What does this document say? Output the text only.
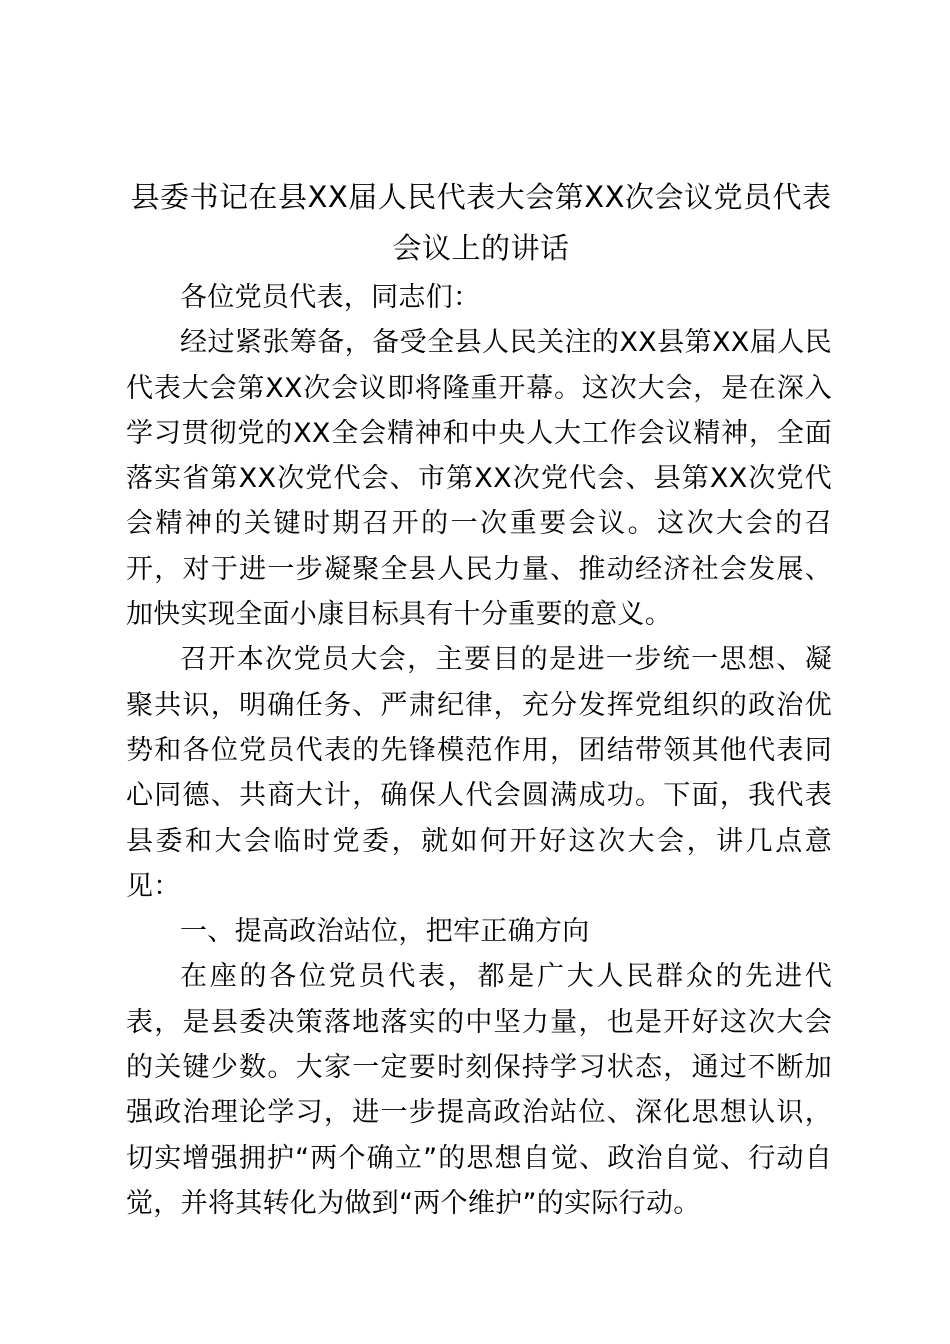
县委书记在县XX届人民代表大会第XX次会议党员代表会议上的讲话

各位党员代表，同志们：

经过紧张筹备，备受全县人民关注的XX县第XX届人民代表大会第XX次会议即将隆重开幕。这次大会，是在深入学习贯彻党的XX全会精神和中央人大工作会议精神，全面落实省第XX次党代会、市第XX次党代会、县第XX次党代会精神的关键时期召开的一次重要会议。这次大会的召开，对于进一步凝聚全县人民力量、推动经济社会发展、加快实现全面小康目标具有十分重要的意义。

召开本次党员大会，主要目的是进一步统一思想、凝聚共识，明确任务、严肃纪律，充分发挥党组织的政治优势和各位党员代表的先锋模范作用，团结带领其他代表同心同德、共商大计，确保人代会圆满成功。下面，我代表县委和大会临时党委，就如何开好这次大会，讲几点意见：

一、提高政治站位，把牢正确方向

在座的各位党员代表，都是广大人民群众的先进代表，是县委决策落地落实的中坚力量，也是开好这次大会的关键少数。大家一定要时刻保持学习状态，通过不断加强政治理论学习，进一步提高政治站位、深化思想认识，切实增强拥护“两个确立”的思想自觉、政治自觉、行动自觉，并将其转化为做到“两个维护”的实际行动。
